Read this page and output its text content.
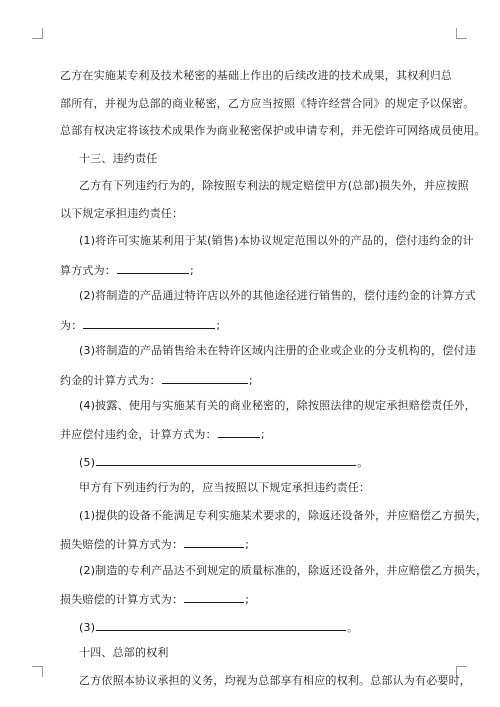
乙方在实施某专利及技术秘密的基础上作出的后续改进的技术成果，其权利归总
部所有，并视为总部的商业秘密，乙方应当按照《特许经营合同》的规定予以保密。
总部有权决定将该技术成果作为商业秘密保护或申请专利，并无偿许可网络成员使用。
十三、违约责任
乙方有下列违约行为的，除按照专利法的规定赔偿甲方(总部)损失外，并应按照
以下规定承担违约责任：
(1)将许可实施某利用于某(销售)本协议规定范围以外的产品的，偿付违约金的计
算方式为：	;
(2)将制造的产品通过特许店以外的其他途径进行销售的，偿付违约金的计算方式
为：	;
(3)将制造的产品销售给未在特许区域内注册的企业或企业的分支机构的，偿付违
约金的计算方式为：	;
(4)披露、使用与实施某有关的商业秘密的，除按照法律的规定承担赔偿责任外，
并应偿付违约金，计算方式为：	;
(5)	。
甲方有下列违约行为的，应当按照以下规定承担违约责任：
(1)提供的设备不能满足专利实施某术要求的，除返还设备外，并应赔偿乙方损失，
损失赔偿的计算方式为：	;
(2)制造的专利产品达不到规定的质量标准的，除返还设备外，并应赔偿乙方损失，
损失赔偿的计算方式为：	;
(3)	。
十四、总部的权利
乙方依照本协议承担的义务，均视为总部享有相应的权利。总部认为有必要时，
